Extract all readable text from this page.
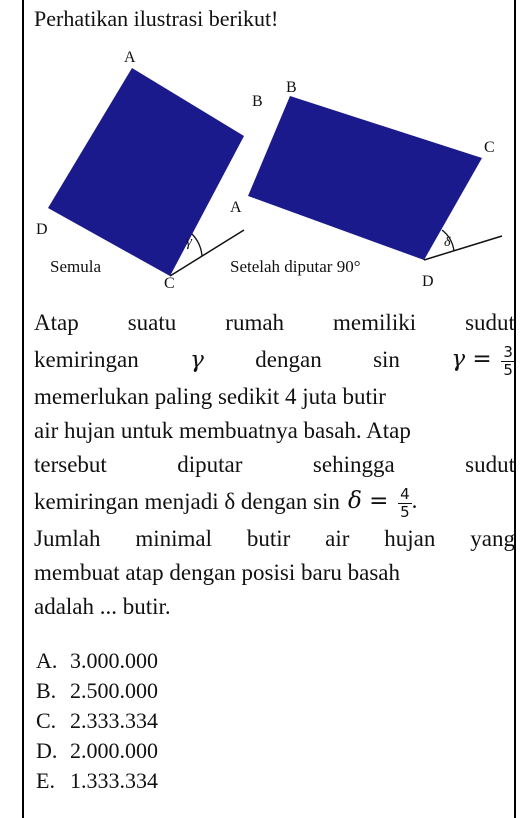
Perhatikan ilustrasi berikut!
A
B
C
D
γ
Semula
B
C
A
D
δ
Setelah diputar 90°
Atap suatu rumah memiliki sudut
kemiringan γ dengan $\sin \gamma = \frac{3}{5}$
memerlukan paling sedikit 4 juta butir
air hujan untuk membuatnya basah. Atap
tersebut	diputar	sehingga	sudut
kemiringan menjadi δ dengan $\sin \delta = \frac{4}{5}$ .
Jumlah minimal butir air hujan yang
membuat atap dengan posisi baru basah
adalah ... butir.
A. 3.000.000
B. 2.500.000
C. 2.333.334
D. 2.000.000
E. 1.333.334
